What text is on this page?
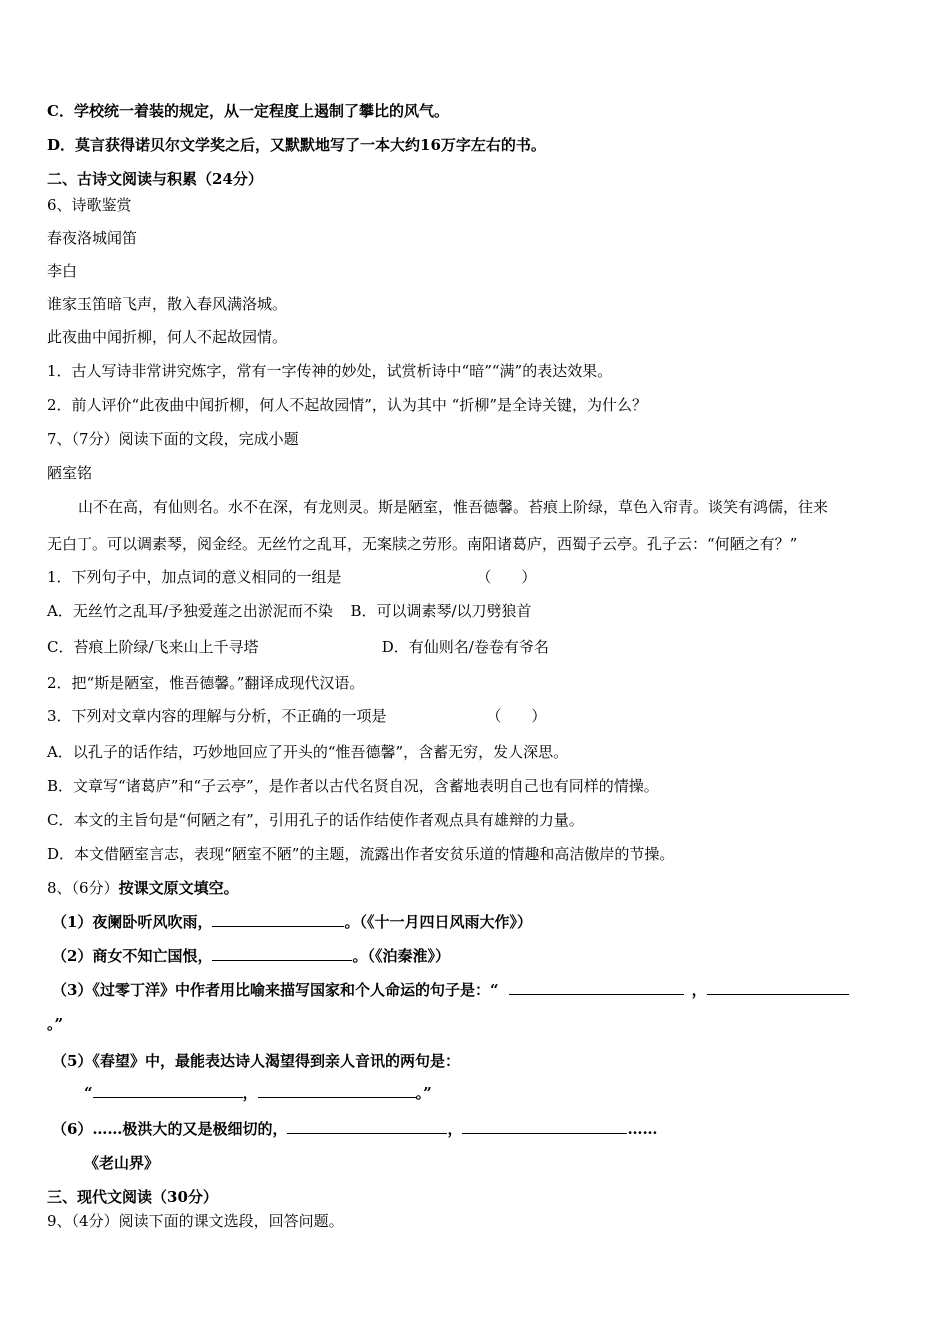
C．学校统一着装的规定，从一定程度上遏制了攀比的风气。
D．莫言获得诺贝尔文学奖之后，又默默地写了一本大约16万字左右的书。
二、古诗文阅读与积累（24分）
6、诗歌鉴赏
春夜洛城闻笛
李白
谁家玉笛暗飞声，散入春风满洛城。
此夜曲中闻折柳，何人不起故园情。
1．古人写诗非常讲究炼字，常有一字传神的妙处，试赏析诗中“暗”“满”的表达效果。
2．前人评价“此夜曲中闻折柳，何人不起故园情”，认为其中 “折柳”是全诗关键，为什么？
7、（7分）阅读下面的文段，完成小题
陋室铭
山不在高，有仙则名。水不在深，有龙则灵。斯是陋室，惟吾德馨。苔痕上阶绿，草色入帘青。谈笑有鸿儒，往来
无白丁。可以调素琴，阅金经。无丝竹之乱耳，无案牍之劳形。南阳诸葛庐，西蜀子云亭。孔子云：“何陋之有？”
1．下列句子中，加点词的意义相同的一组是	（　　）
A．无丝竹之乱耳/予独爱莲之出淤泥而不染 B．可以调素琴/以刀劈狼首
C．苔痕上阶绿/飞来山上千寻塔	D．有仙则名/卷卷有爷名
2．把“斯是陋室，惟吾德馨。”翻译成现代汉语。
3．下列对文章内容的理解与分析，不正确的一项是	（　　）
A．以孔子的话作结，巧妙地回应了开头的“惟吾德馨”，含蓄无穷，发人深思。
B．文章写“诸葛庐”和“子云亭”，是作者以古代名贤自况，含蓄地表明自己也有同样的情操。
C．本文的主旨句是“何陋之有”，引用孔子的话作结使作者观点具有雄辩的力量。
D．本文借陋室言志，表现“陋室不陋”的主题，流露出作者安贫乐道的情趣和高洁傲岸的节操。
8、（6分）按课文原文填空。
（1）夜阑卧听风吹雨，	。（《十一月四日风雨大作》）
（2）商女不知亡国恨，	。（《泊秦淮》）
（3）《过零丁洋》中作者用比喻来描写国家和个人命运的句子是：“	，
。”
（5）《春望》中，最能表达诗人渴望得到亲人音讯的两句是：
“	，	。”
（6）……极洪大的又是极细切的，	，	……
《老山界》
三、现代文阅读（30分）
9、（4分）阅读下面的课文选段，回答问题。
